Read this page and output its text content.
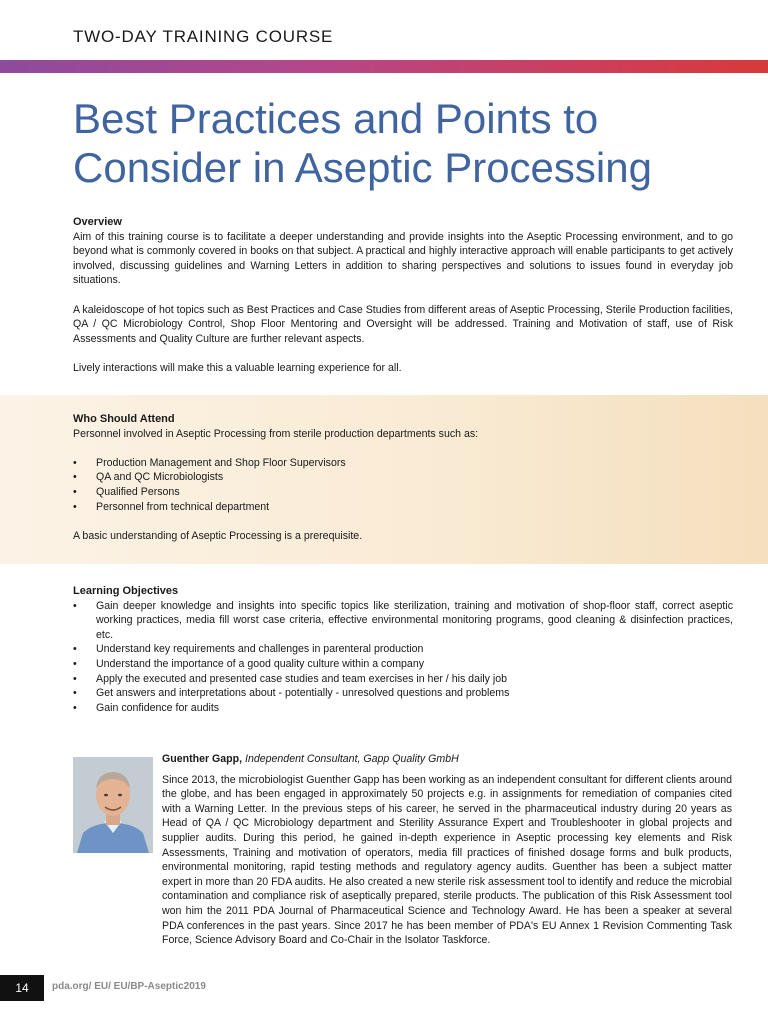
TWO-DAY TRAINING COURSE
Best Practices and Points to
Consider in Aseptic Processing
Overview

Aim of this training course is to facilitate a deeper understanding and provide insights into the Aseptic Processing environment, and to go beyond what is commonly covered in books on that subject. A practical and highly interactive approach will enable participants to get actively involved, discussing guidelines and Warning Letters in addition to sharing perspectives and solutions to issues found in everyday job situations.

A kaleidoscope of hot topics such as Best Practices and Case Studies from different areas of Aseptic Processing, Sterile Production facilities, QA / QC Microbiology Control, Shop Floor Mentoring and Oversight will be addressed. Training and Motivation of staff, use of Risk Assessments and Quality Culture are further relevant aspects.

Lively interactions will make this a valuable learning experience for all.

Who Should Attend

Personnel involved in Aseptic Processing from sterile production departments such as:

• Production Management and Shop Floor Supervisors
• QA and QC Microbiologists
• Qualified Persons
• Personnel from technical department

A basic understanding of Aseptic Processing is a prerequisite.

Learning Objectives
• Gain deeper knowledge and insights into specific topics like sterilization, training and motivation of shop-floor staff, correct aseptic working practices, media fill worst case criteria, effective environmental monitoring programs, good cleaning & disinfection practices, etc.
• Understand key requirements and challenges in parenteral production
• Understand the importance of a good quality culture within a company
• Apply the executed and presented case studies and team exercises in her / his daily job
• Get answers and interpretations about - potentially - unresolved questions and problems
• Gain confidence for audits
Guenther Gapp, Independent Consultant, Gapp Quality GmbH

Since 2013, the microbiologist Guenther Gapp has been working as an independent consultant for different clients around the globe, and has been engaged in approximately 50 projects e.g. in assignments for remediation of companies cited with a Warning Letter. In the previous steps of his career, he served in the pharmaceutical industry during 20 years as Head of QA / QC Microbiology department and Sterility Assurance Expert and Troubleshooter in global projects and supplier audits. During this period, he gained in-depth experience in Aseptic processing key elements and Risk Assessments, Training and motivation of operators, media fill practices of finished dosage forms and bulk products, environmental monitoring, rapid testing methods and regulatory agency audits. Guenther has been a subject matter expert in more than 20 FDA audits. He also created a new sterile risk assessment tool to identify and reduce the microbial contamination and compliance risk of aseptically prepared, sterile products. The publication of this Risk Assessment tool won him the 2011 PDA Journal of Pharmaceutical Science and Technology Award. He has been a speaker at several PDA conferences in the past years. Since 2017 he has been member of PDA's EU Annex 1 Revision Commenting Task Force, Science Advisory Board and Co-Chair in the Isolator Taskforce.

14	pda.org/ EU/ EU/BP-Aseptic2019
